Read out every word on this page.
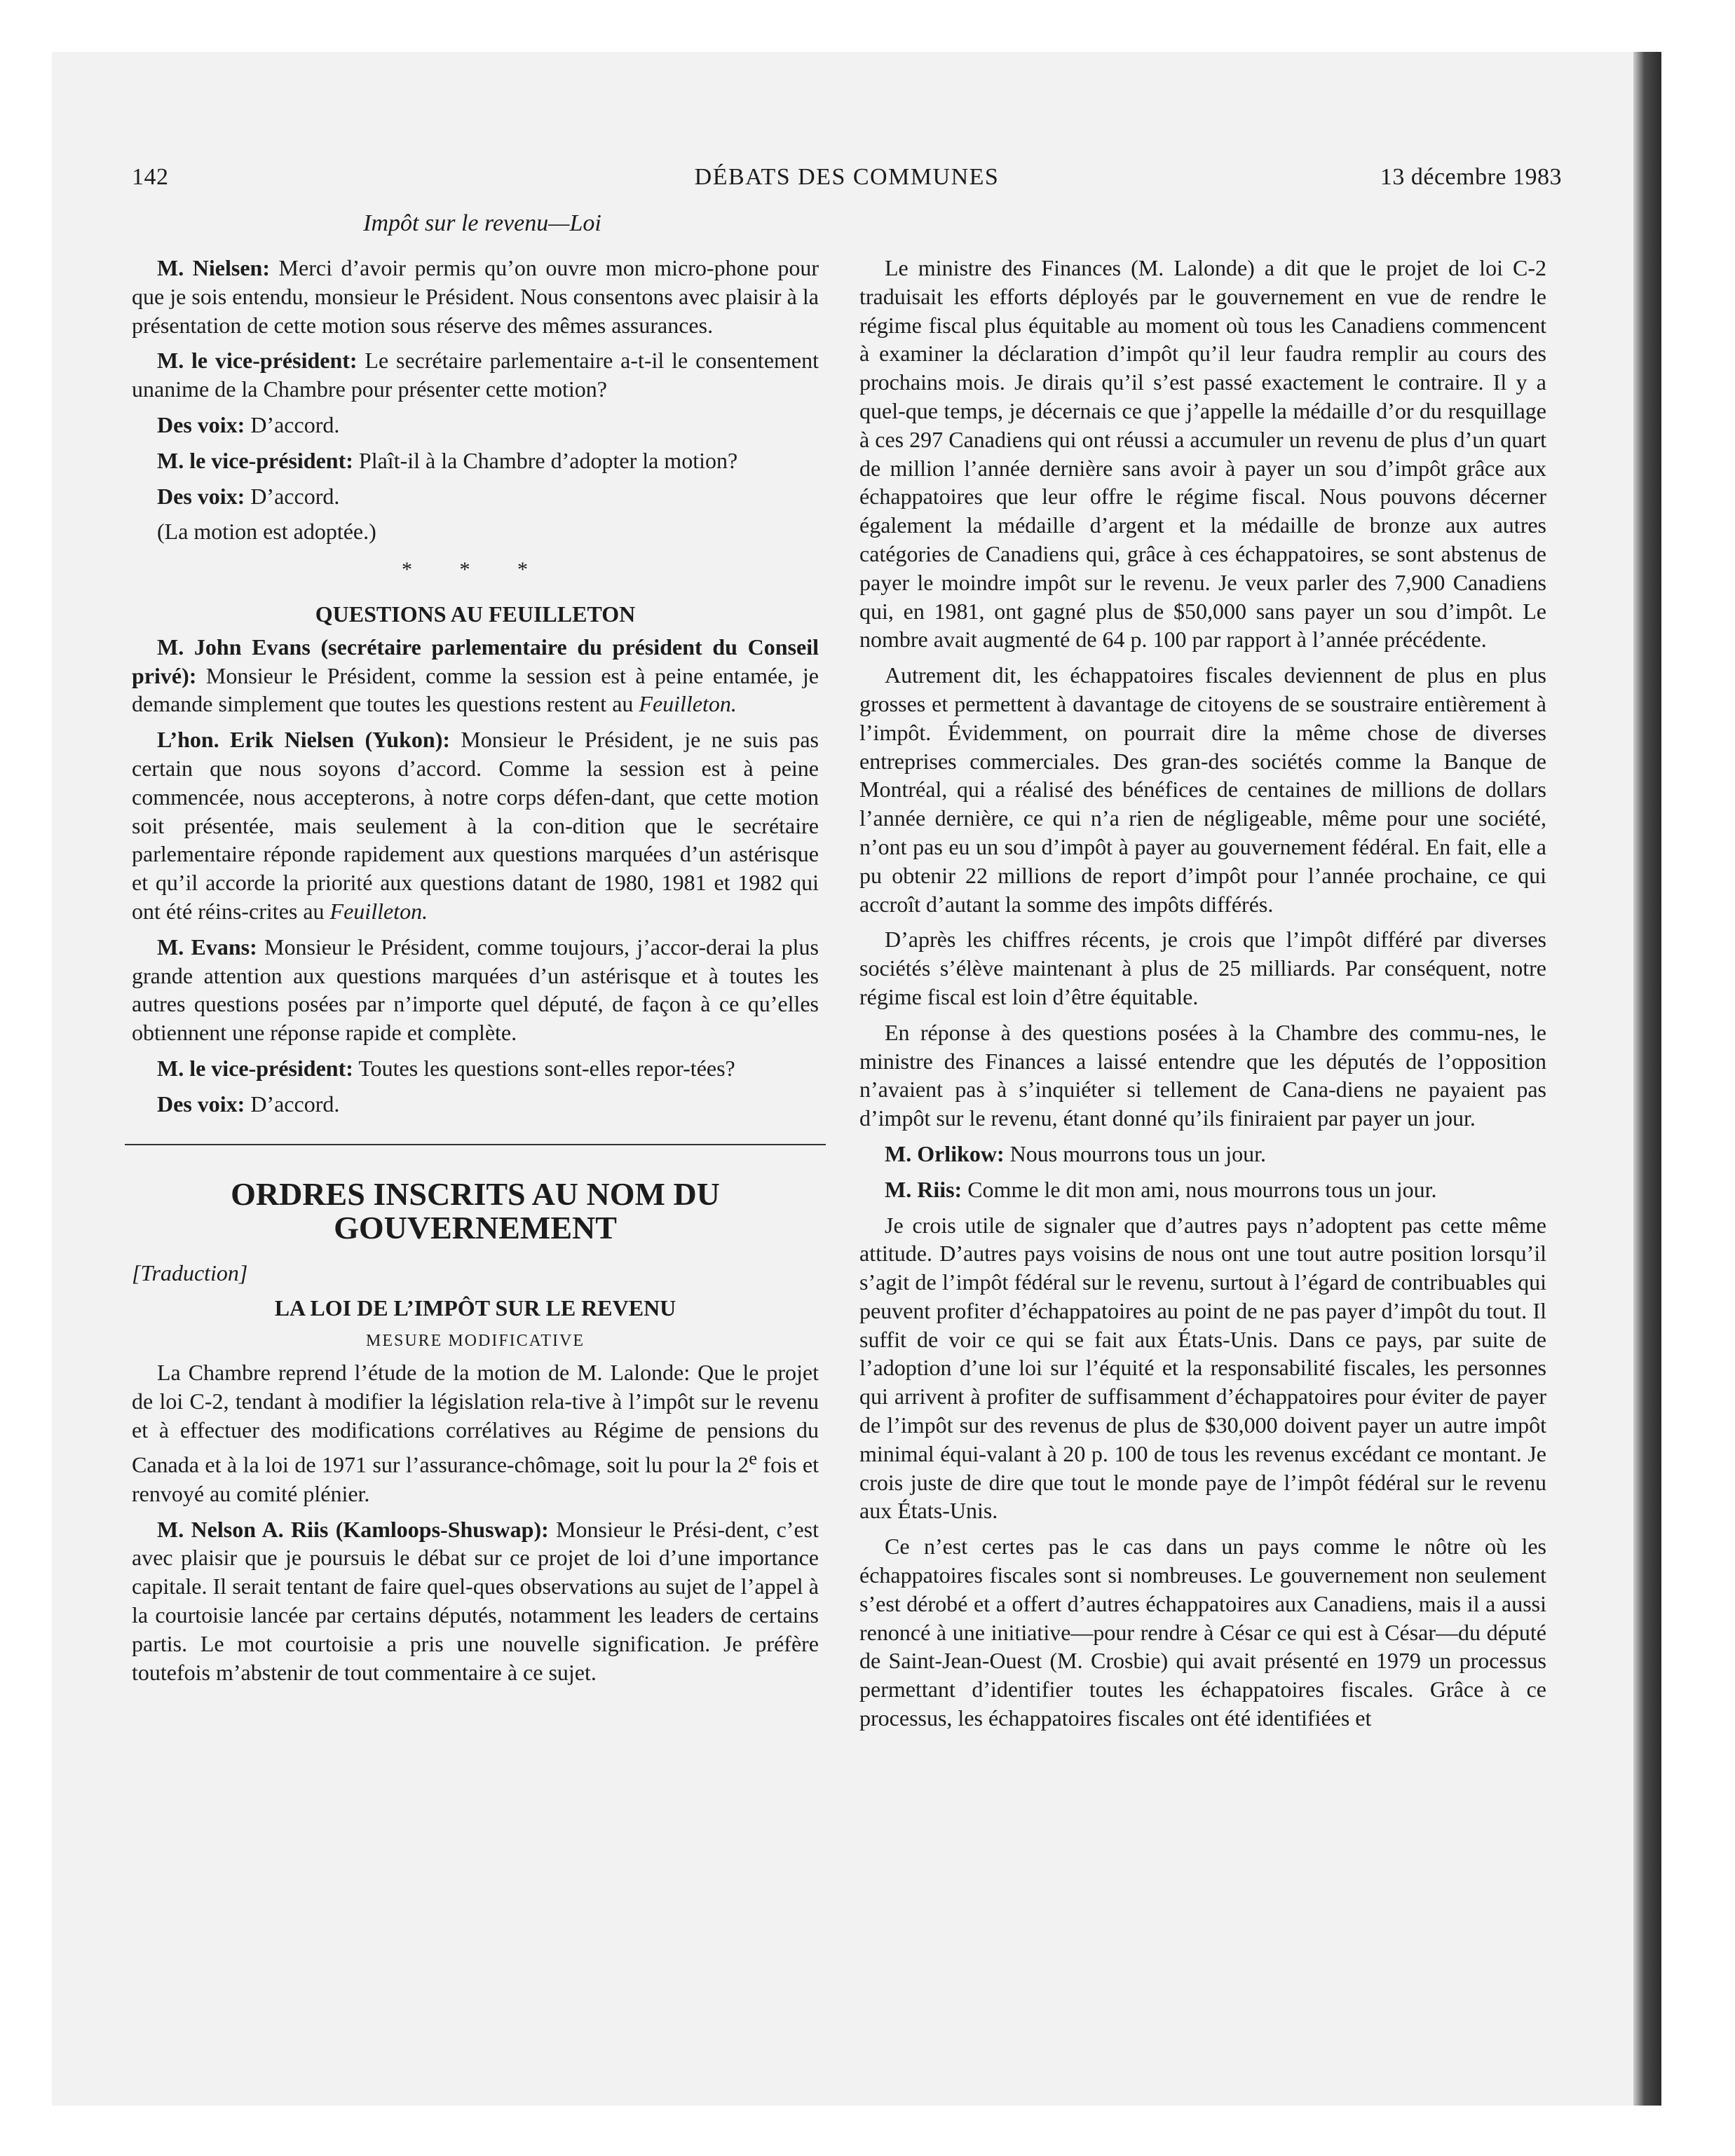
142	DÉBATS DES COMMUNES	13 décembre 1983
Impôt sur le revenu—Loi

M. Nielsen: Merci d’avoir permis qu’on ouvre mon micro-phone pour que je sois entendu, monsieur le Président. Nous consentons avec plaisir à la présentation de cette motion sous réserve des mêmes assurances.

M. le vice-président: Le secrétaire parlementaire a-t-il le consentement unanime de la Chambre pour présenter cette motion?

Des voix: D’accord.

M. le vice-président: Plaît-il à la Chambre d’adopter la motion?

Des voix: D’accord.

(La motion est adoptée.)

* * *
QUESTIONS AU FEUILLETON

M. John Evans (secrétaire parlementaire du président du Conseil privé): Monsieur le Président, comme la session est à peine entamée, je demande simplement que toutes les questions restent au Feuilleton.

L’hon. Erik Nielsen (Yukon): Monsieur le Président, je ne suis pas certain que nous soyons d’accord. Comme la session est à peine commencée, nous accepterons, à notre corps défen-dant, que cette motion soit présentée, mais seulement à la con-dition que le secrétaire parlementaire réponde rapidement aux questions marquées d’un astérisque et qu’il accorde la priorité aux questions datant de 1980, 1981 et 1982 qui ont été réins-crites au Feuilleton.

M. Evans: Monsieur le Président, comme toujours, j’accor-derai la plus grande attention aux questions marquées d’un astérisque et à toutes les autres questions posées par n’importe quel député, de façon à ce qu’elles obtiennent une réponse rapide et complète.

M. le vice-président: Toutes les questions sont-elles repor-tées?

Des voix: D’accord.

ORDRES INSCRITS AU NOM DU GOUVERNEMENT

[Traduction]

LA LOI DE L’IMPÔT SUR LE REVENU
MESURE MODIFICATIVE

La Chambre reprend l’étude de la motion de M. Lalonde: Que le projet de loi C-2, tendant à modifier la législation rela-tive à l’impôt sur le revenu et à effectuer des modifications corrélatives au Régime de pensions du Canada et à la loi de 1971 sur l’assurance-chômage, soit lu pour la 2e fois et renvoyé au comité plénier.

M. Nelson A. Riis (Kamloops-Shuswap): Monsieur le Prési-dent, c’est avec plaisir que je poursuis le débat sur ce projet de loi d’une importance capitale. Il serait tentant de faire quel-ques observations au sujet de l’appel à la courtoisie lancée par certains députés, notamment les leaders de certains partis. Le mot courtoisie a pris une nouvelle signification. Je préfère toutefois m’abstenir de tout commentaire à ce sujet.

Le ministre des Finances (M. Lalonde) a dit que le projet de loi C-2 traduisait les efforts déployés par le gouvernement en vue de rendre le régime fiscal plus équitable au moment où tous les Canadiens commencent à examiner la déclaration d’impôt qu’il leur faudra remplir au cours des prochains mois. Je dirais qu’il s’est passé exactement le contraire. Il y a quel-que temps, je décernais ce que j’appelle la médaille d’or du resquillage à ces 297 Canadiens qui ont réussi a accumuler un revenu de plus d’un quart de million l’année dernière sans avoir à payer un sou d’impôt grâce aux échappatoires que leur offre le régime fiscal. Nous pouvons décerner également la médaille d’argent et la médaille de bronze aux autres catégories de Canadiens qui, grâce à ces échappatoires, se sont abstenus de payer le moindre impôt sur le revenu. Je veux parler des 7,900 Canadiens qui, en 1981, ont gagné plus de $50,000 sans payer un sou d’impôt. Le nombre avait augmenté de 64 p. 100 par rapport à l’année précédente.

Autrement dit, les échappatoires fiscales deviennent de plus en plus grosses et permettent à davantage de citoyens de se soustraire entièrement à l’impôt. Évidemment, on pourrait dire la même chose de diverses entreprises commerciales. Des gran-des sociétés comme la Banque de Montréal, qui a réalisé des bénéfices de centaines de millions de dollars l’année dernière, ce qui n’a rien de négligeable, même pour une société, n’ont pas eu un sou d’impôt à payer au gouvernement fédéral. En fait, elle a pu obtenir 22 millions de report d’impôt pour l’année prochaine, ce qui accroît d’autant la somme des impôts différés.

D’après les chiffres récents, je crois que l’impôt différé par diverses sociétés s’élève maintenant à plus de 25 milliards. Par conséquent, notre régime fiscal est loin d’être équitable.

En réponse à des questions posées à la Chambre des commu-nes, le ministre des Finances a laissé entendre que les députés de l’opposition n’avaient pas à s’inquiéter si tellement de Cana-diens ne payaient pas d’impôt sur le revenu, étant donné qu’ils finiraient par payer un jour.

M. Orlikow: Nous mourrons tous un jour.

M. Riis: Comme le dit mon ami, nous mourrons tous un jour.

Je crois utile de signaler que d’autres pays n’adoptent pas cette même attitude. D’autres pays voisins de nous ont une tout autre position lorsqu’il s’agit de l’impôt fédéral sur le revenu, surtout à l’égard de contribuables qui peuvent profiter d’échappatoires au point de ne pas payer d’impôt du tout. Il suffit de voir ce qui se fait aux États-Unis. Dans ce pays, par suite de l’adoption d’une loi sur l’équité et la responsabilité fiscales, les personnes qui arrivent à profiter de suffisamment d’échappatoires pour éviter de payer de l’impôt sur des revenus de plus de $30,000 doivent payer un autre impôt minimal équi-valant à 20 p. 100 de tous les revenus excédant ce montant. Je crois juste de dire que tout le monde paye de l’impôt fédéral sur le revenu aux États-Unis.

Ce n’est certes pas le cas dans un pays comme le nôtre où les échappatoires fiscales sont si nombreuses. Le gouvernement non seulement s’est dérobé et a offert d’autres échappatoires aux Canadiens, mais il a aussi renoncé à une initiative—pour rendre à César ce qui est à César—du député de Saint-Jean-Ouest (M. Crosbie) qui avait présenté en 1979 un processus permettant d’identifier toutes les échappatoires fiscales. Grâce à ce processus, les échappatoires fiscales ont été identifiées et
